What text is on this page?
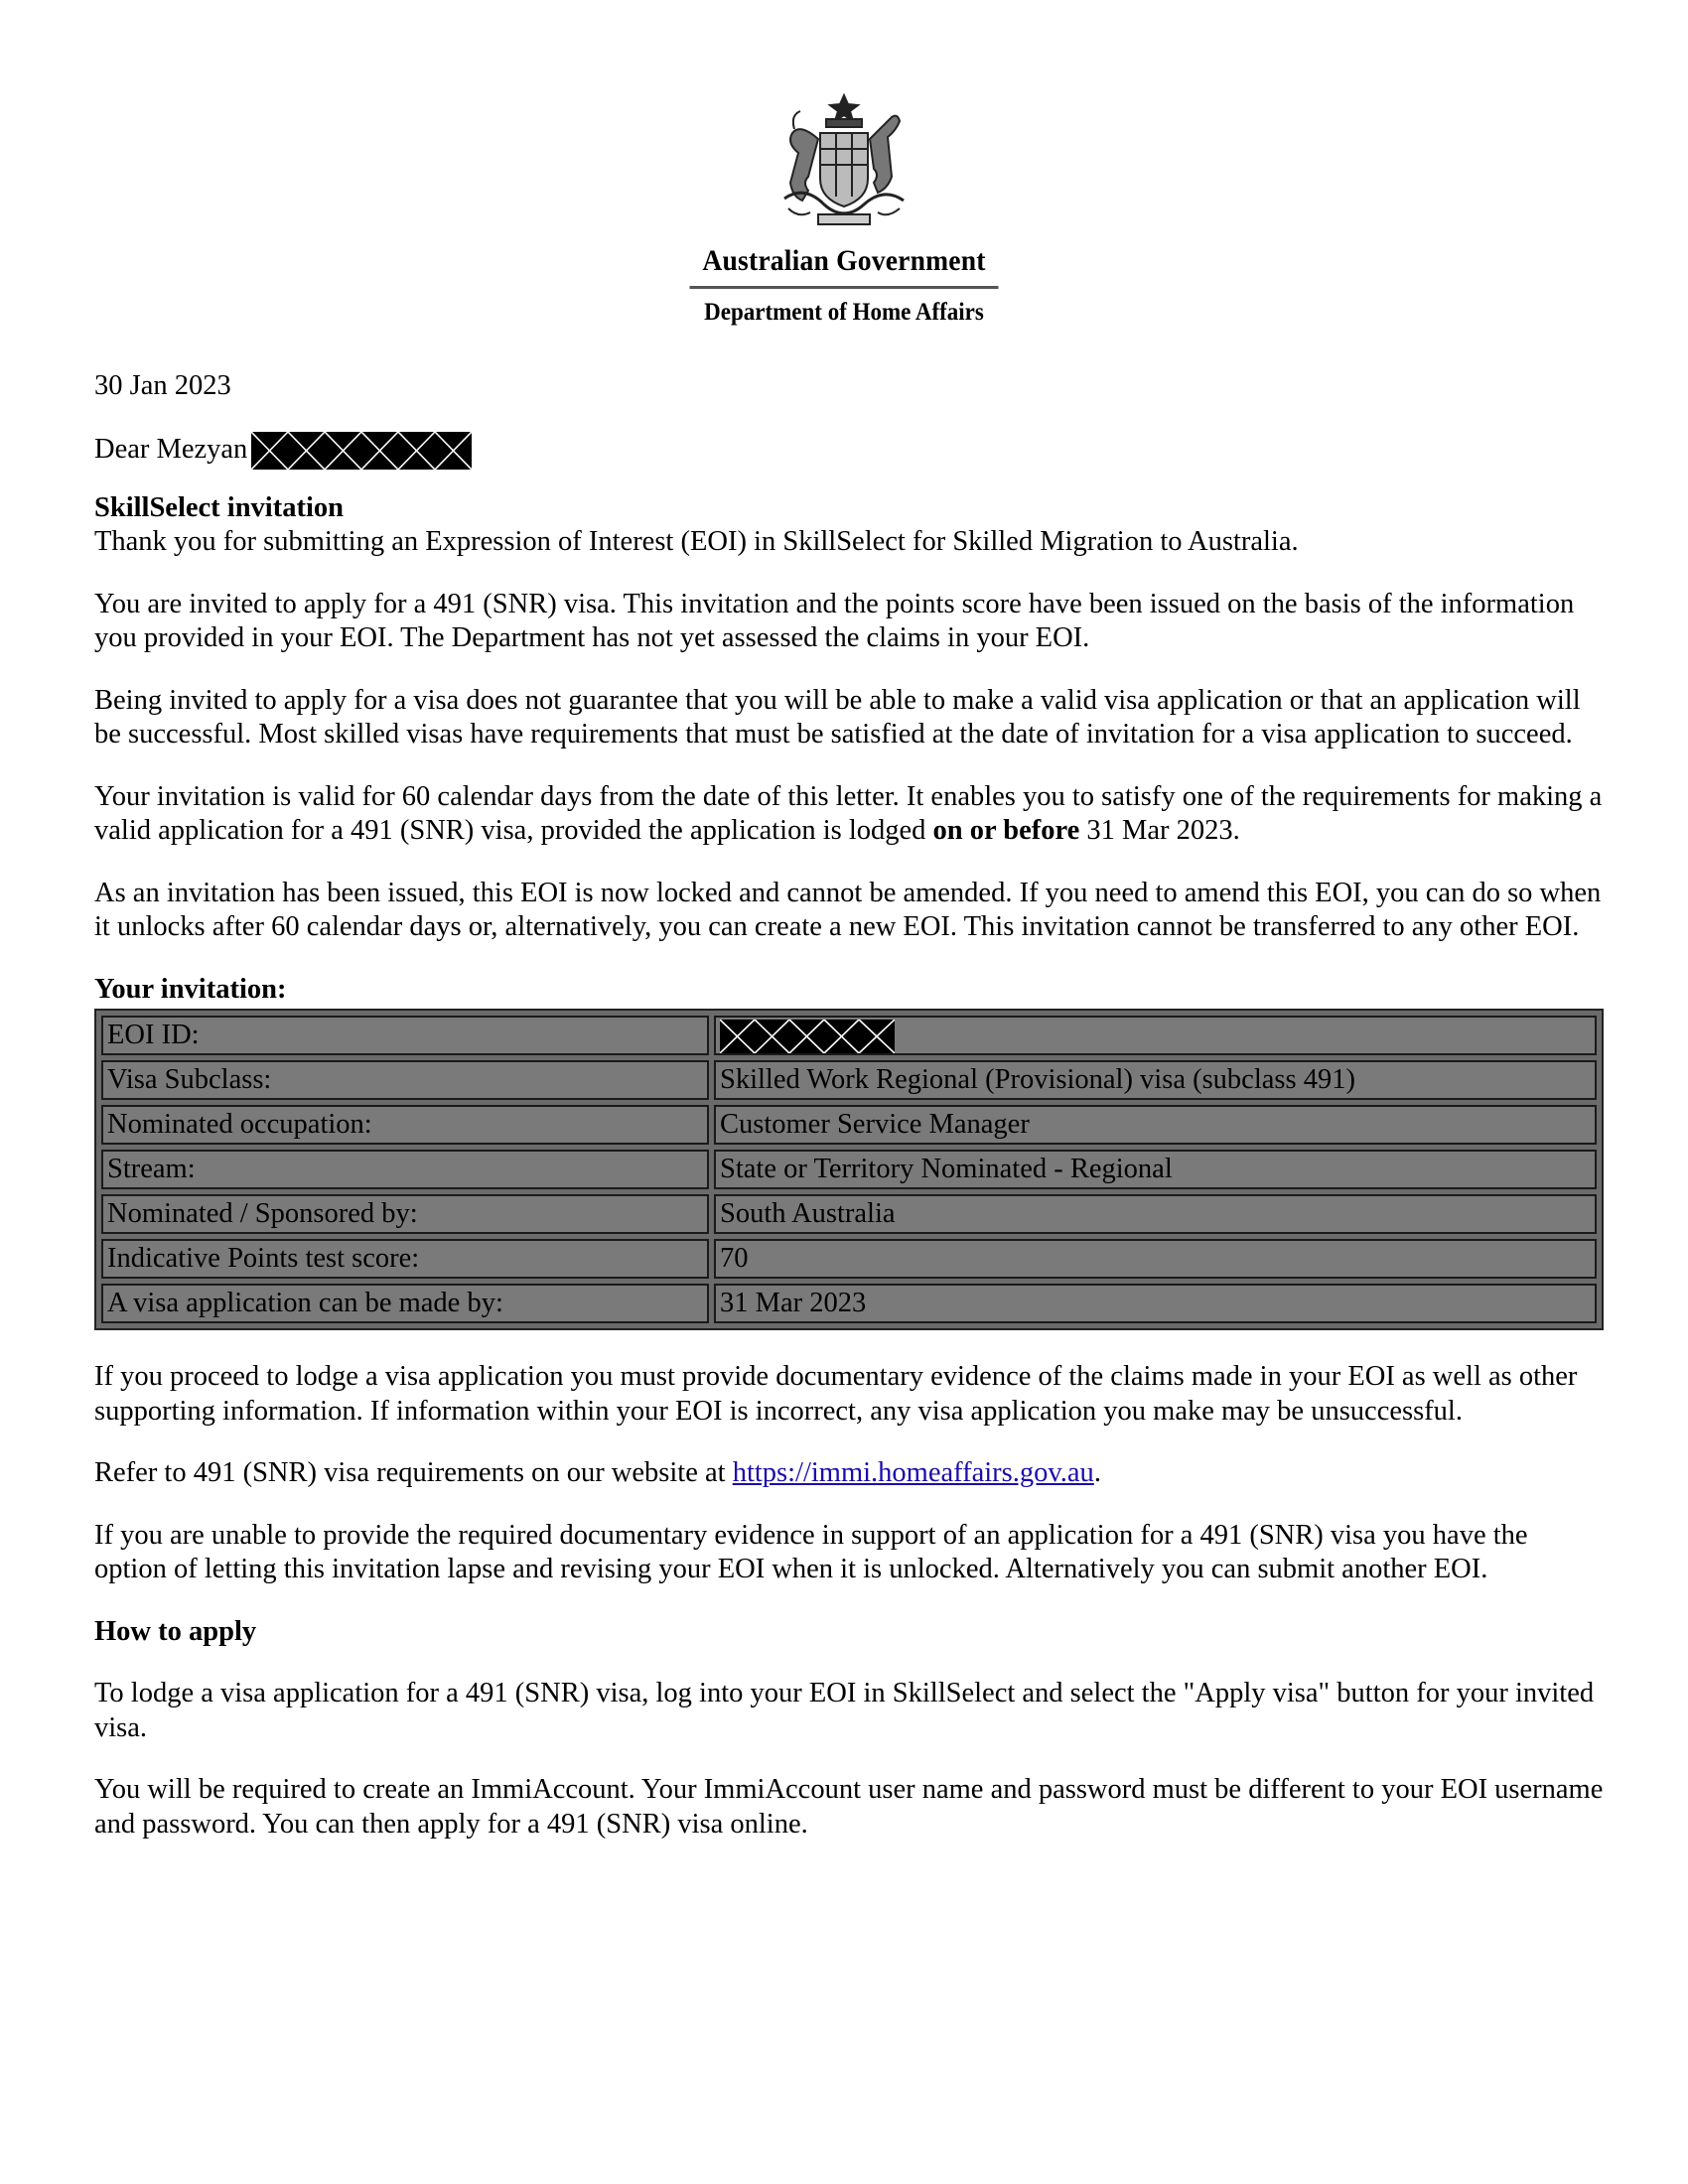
Australian Government
Department of Home Affairs
30 Jan 2023
Dear Mezyan
SkillSelect invitation

Thank you for submitting an Expression of Interest (EOI) in SkillSelect for Skilled Migration to Australia.

You are invited to apply for a 491 (SNR) visa. This invitation and the points score have been issued on the basis of the information you provided in your EOI. The Department has not yet assessed the claims in your EOI.

Being invited to apply for a visa does not guarantee that you will be able to make a valid visa application or that an application will be successful. Most skilled visas have requirements that must be satisfied at the date of invitation for a visa application to succeed.

Your invitation is valid for 60 calendar days from the date of this letter. It enables you to satisfy one of the requirements for making a valid application for a 491 (SNR) visa, provided the application is lodged on or before 31 Mar 2023.

As an invitation has been issued, this EOI is now locked and cannot be amended. If you need to amend this EOI, you can do so when it unlocks after 60 calendar days or, alternatively, you can create a new EOI. This invitation cannot be transferred to any other EOI.

Your invitation:
EOI ID:	

Visa Subclass:	Skilled Work Regional (Provisional) visa (subclass 491)
Nominated occupation:	Customer Service Manager
Stream:	State or Territory Nominated - Regional
Nominated / Sponsored by:	South Australia
Indicative Points test score:	70
A visa application can be made by:	31 Mar 2023

If you proceed to lodge a visa application you must provide documentary evidence of the claims made in your EOI as well as other supporting information. If information within your EOI is incorrect, any visa application you make may be unsuccessful.

Refer to 491 (SNR) visa requirements on our website at https://immi.homeaffairs.gov.au.

If you are unable to provide the required documentary evidence in support of an application for a 491 (SNR) visa you have the option of letting this invitation lapse and revising your EOI when it is unlocked. Alternatively you can submit another EOI.

How to apply

To lodge a visa application for a 491 (SNR) visa, log into your EOI in SkillSelect and select the "Apply visa" button for your invited visa.

You will be required to create an ImmiAccount. Your ImmiAccount user name and password must be different to your EOI username and password. You can then apply for a 491 (SNR) visa online.
